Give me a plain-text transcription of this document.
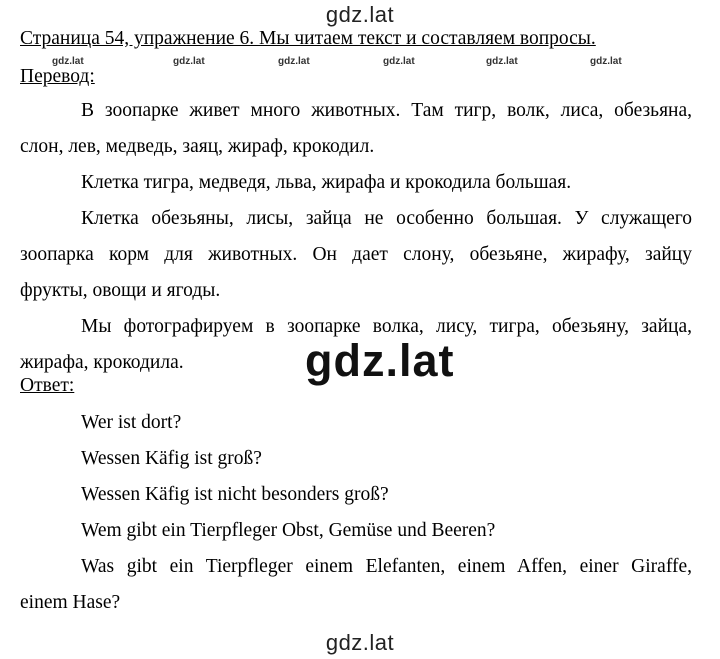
gdz.lat
Страница 54, упражнение 6. Мы читаем текст и составляем вопросы.
gdz.lat	gdz.lat	gdz.lat	gdz.lat	gdz.lat	gdz.lat
Перевод:
В зоопарке живет много животных. Там тигр, волк, лиса, обезьяна,
слон, лев, медведь, заяц, жираф, крокодил.
Клетка тигра, медведя, льва, жирафа и крокодила большая.
Клетка обезьяны, лисы, зайца не особенно большая. У служащего
зоопарка корм для животных. Он дает слону, обезьяне, жирафу, зайцу
фрукты, овощи и ягоды.
Мы фотографируем в зоопарке волка, лису, тигра, обезьяну, зайца,
жирафа, крокодила.
Ответ:
Wer ist dort?
Wessen Käfig ist groß?
Wessen Käfig ist nicht besonders groß?
Wem gibt ein Tierpfleger Obst, Gemüse und Beeren?
Was gibt ein Tierpfleger einem Elefanten, einem Affen, einer Giraffe,
einem Hase?
gdz.lat
gdz.lat
